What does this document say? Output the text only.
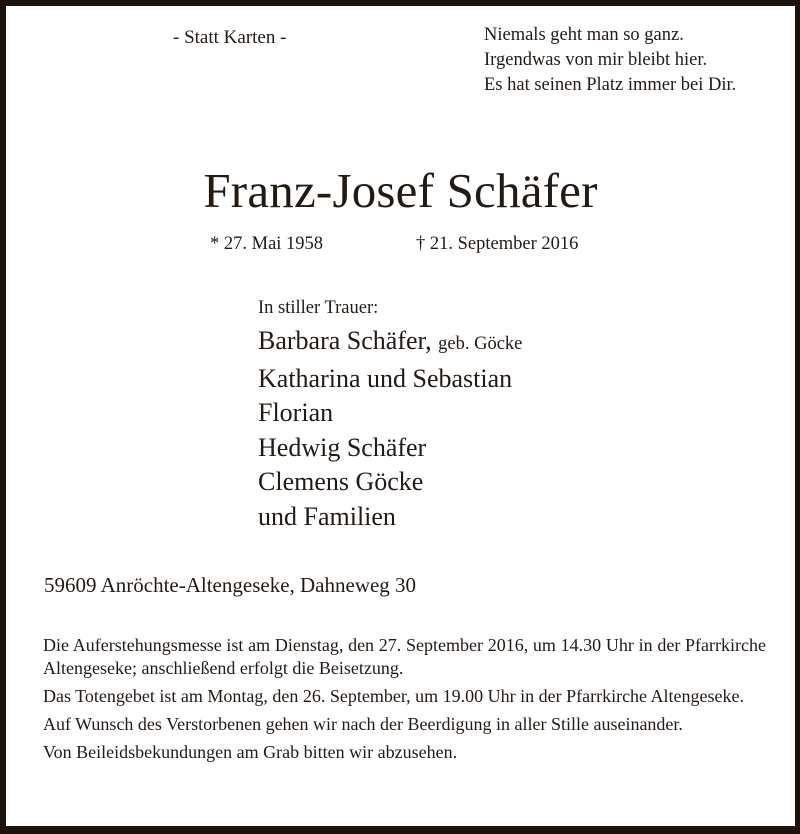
- Statt Karten -	Niemals geht man so ganz.
Irgendwas von mir bleibt hier.
Es hat seinen Platz immer bei Dir.
Franz-Josef Schäfer
* 27. Mai 1958	† 21. September 2016
In stiller Trauer:
Barbara Schäfer, geb. Göcke
Katharina und Sebastian
Florian
Hedwig Schäfer
Clemens Göcke
und Familien
59609 Anröchte-Altengeseke, Dahneweg 30

Die Auferstehungsmesse ist am Dienstag, den 27. September 2016, um 14.30 Uhr in der Pfarrkirche Altengeseke; anschließend erfolgt die Beisetzung.

Das Totengebet ist am Montag, den 26. September, um 19.00 Uhr in der Pfarrkirche Altengeseke.

Auf Wunsch des Verstorbenen gehen wir nach der Beerdigung in aller Stille auseinander.

Von Beileidsbekundungen am Grab bitten wir abzusehen.
